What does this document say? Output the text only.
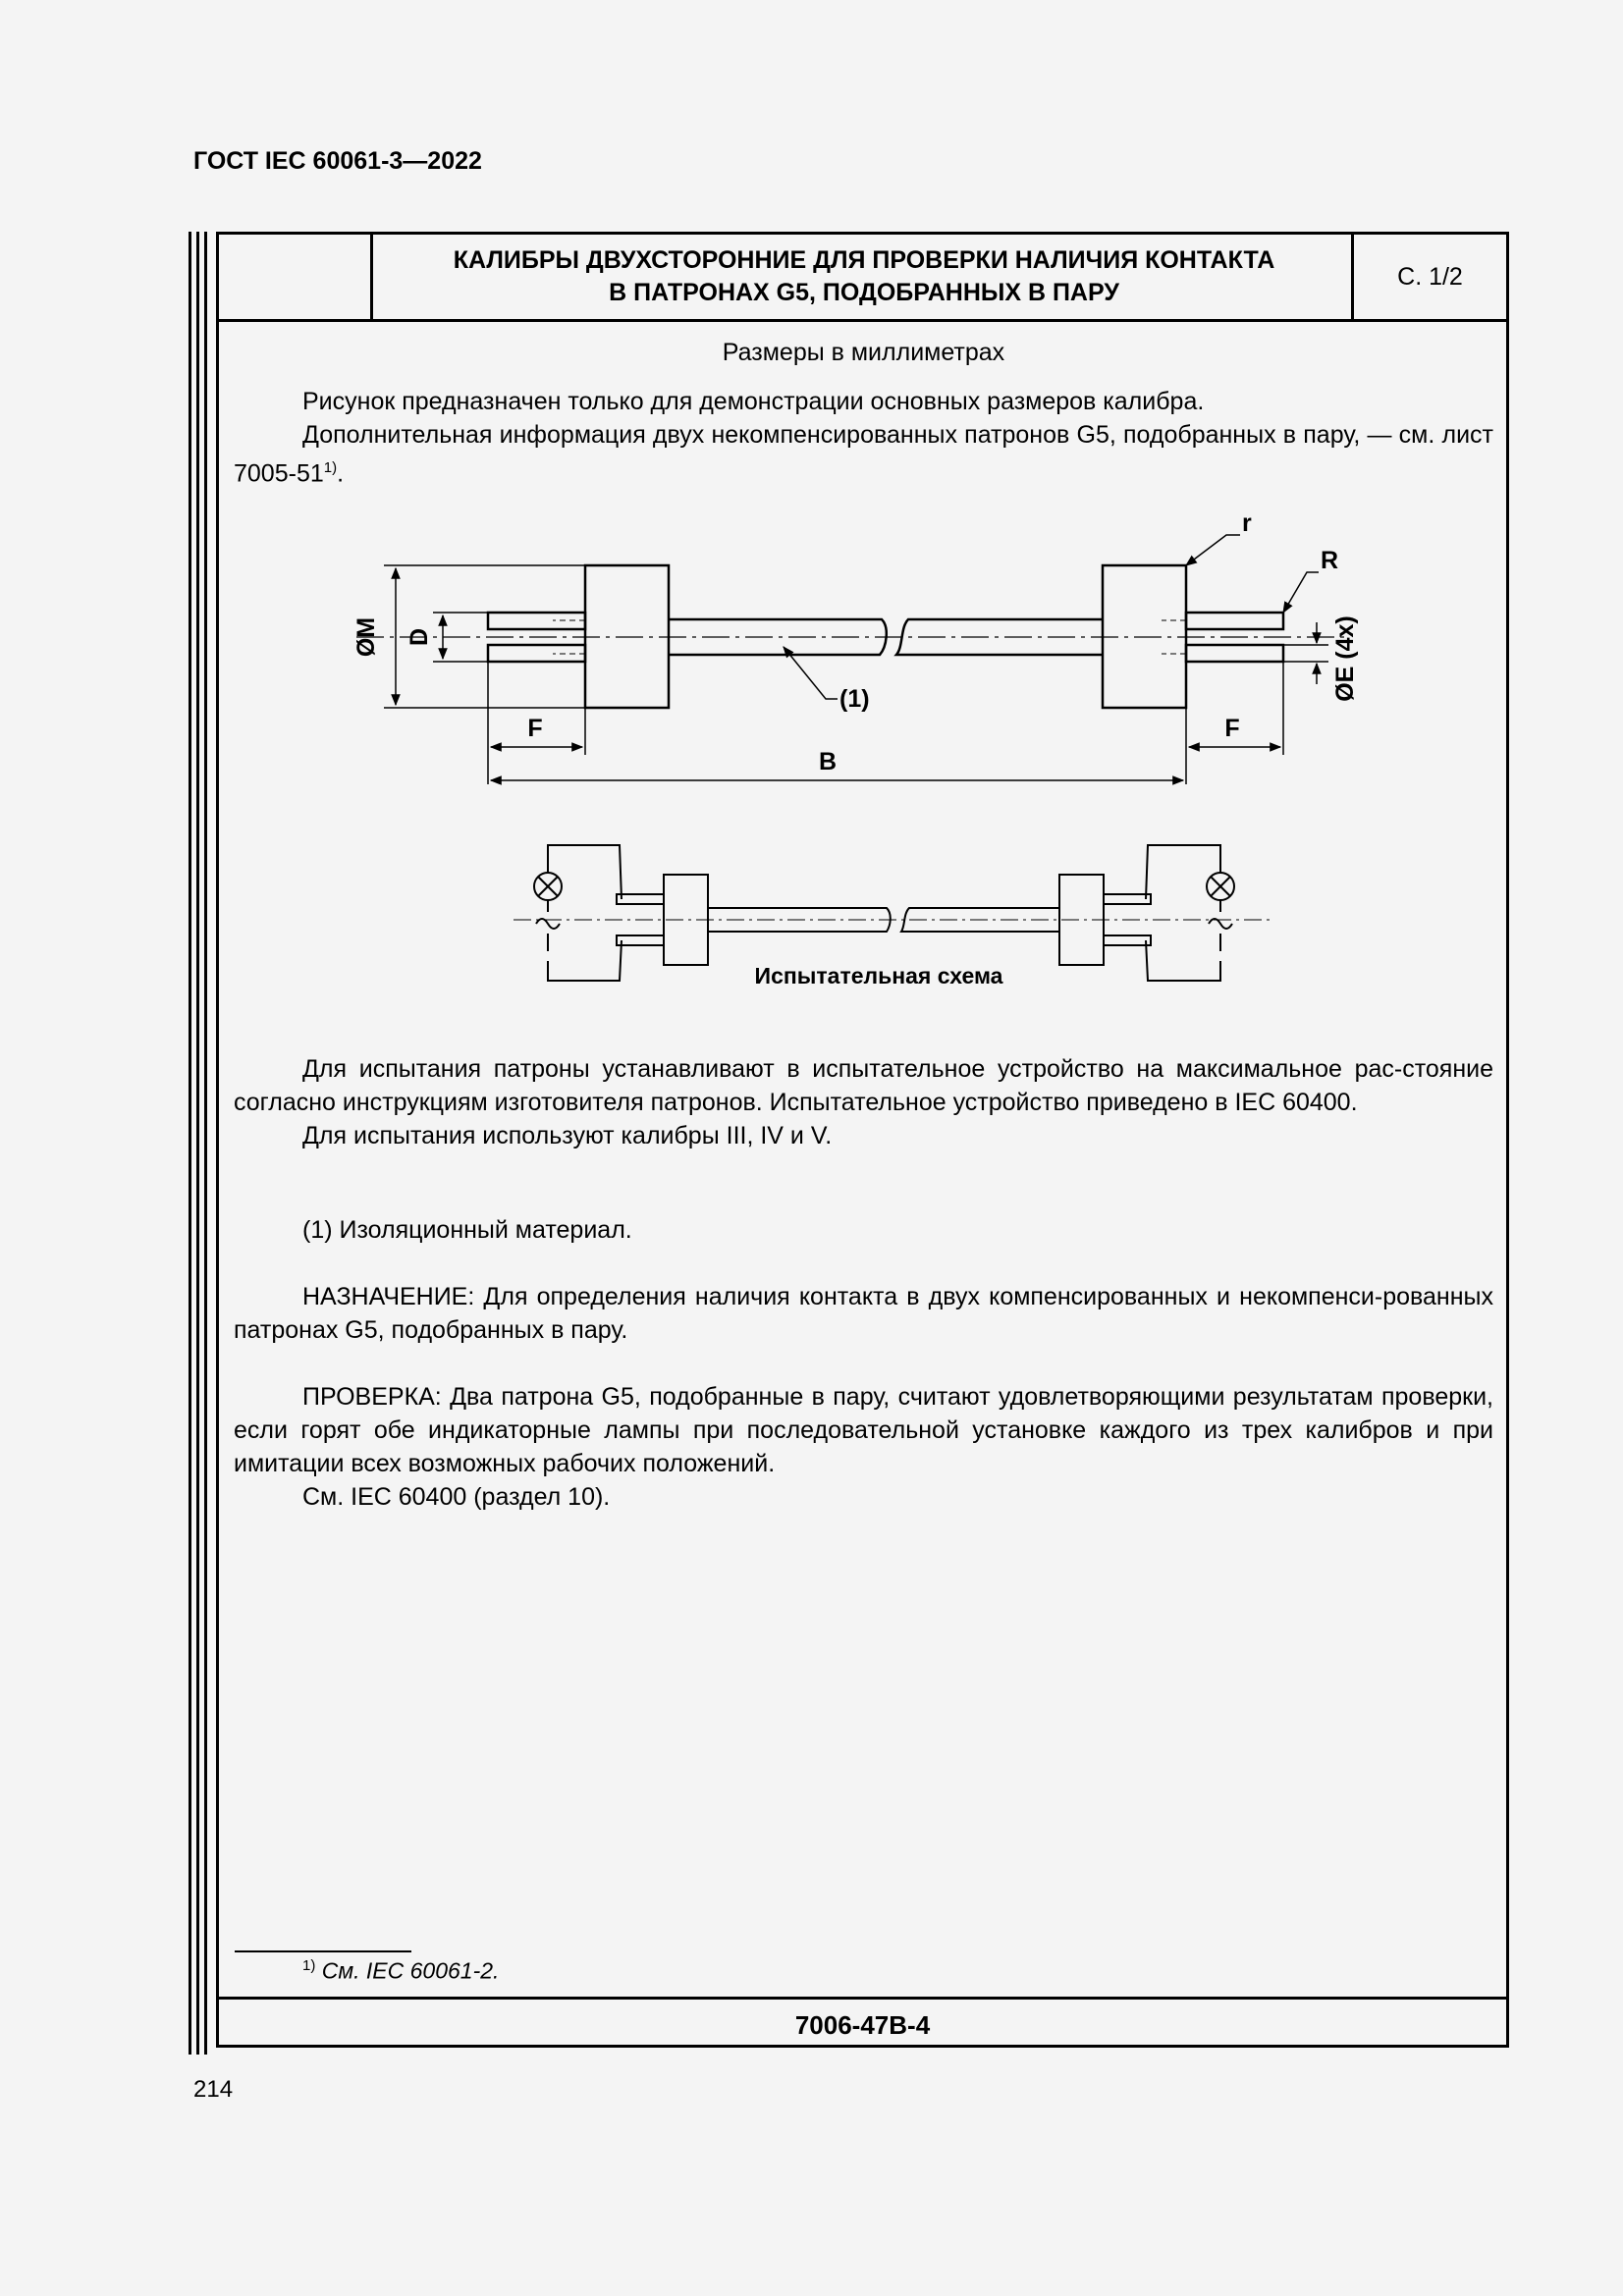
ГОСТ IEC 60061-3—2022
КАЛИБРЫ ДВУХСТОРОННИЕ ДЛЯ ПРОВЕРКИ НАЛИЧИЯ КОНТАКТА
В ПАТРОНАХ G5, ПОДОБРАННЫХ В ПАРУ
С. 1/2
Размеры в миллиметрах
Рисунок предназначен только для демонстрации основных размеров калибра.
Дополнительная информация двух некомпенсированных патронов G5, подобранных в пару, — см. лист 7005-51$^{1)}$.
ØM D
F	F
B
ØE (4x)
r
R
(1)
Испытательная схема
Для испытания патроны устанавливают в испытательное устройство на максимальное рас-стояние согласно инструкциям изготовителя патронов. Испытательное устройство приведено в IEC 60400.
Для испытания используют калибры III, IV и V.
(1) Изоляционный материал.
НАЗНАЧЕНИЕ: Для определения наличия контакта в двух компенсированных и некомпенси-рованных патронах G5, подобранных в пару.
ПРОВЕРКА: Два патрона G5, подобранные в пару, считают удовлетворяющими результатам проверки, если горят обе индикаторные лампы при последовательной установке каждого из трех калибров и при имитации всех возможных рабочих положений.
См. IEC 60400 (раздел 10).
$^{1)}$ См. IEC 60061-2.
7006-47B-4
214
